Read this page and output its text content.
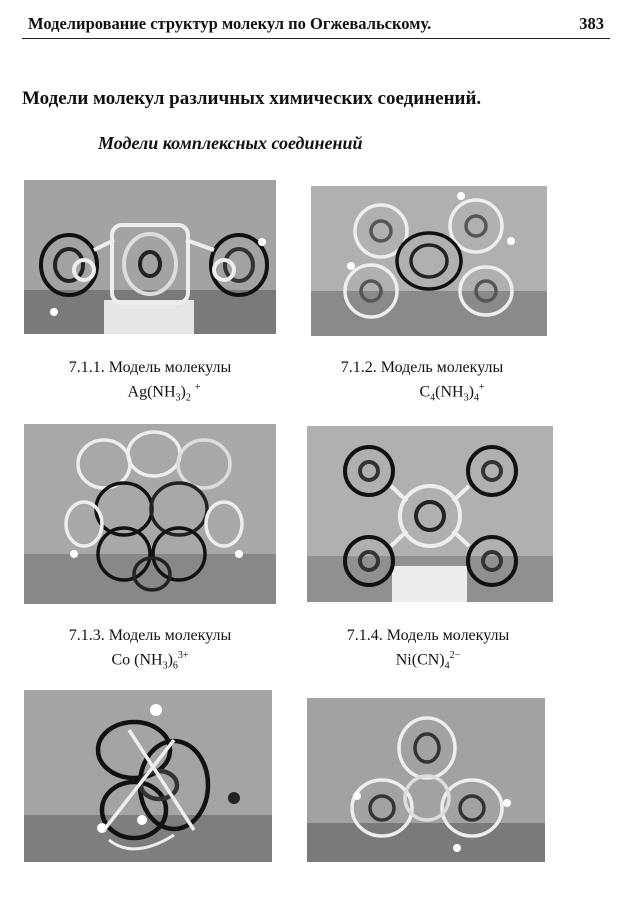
Моделирование структур молекул по Огжевальскому.	383
Модели молекул различных химических соединений.
Модели комплексных соединений
7.1.1. Модель молекулы
$Ag(NH_3)_2^+$
7.1.2. Модель молекулы
$C_4(NH_3)_4^+$
7.1.3. Модель молекулы
Co $(NH_3)_6^{3+}$
7.1.4. Модель молекулы
$Ni(CN)_4^{2-}$
